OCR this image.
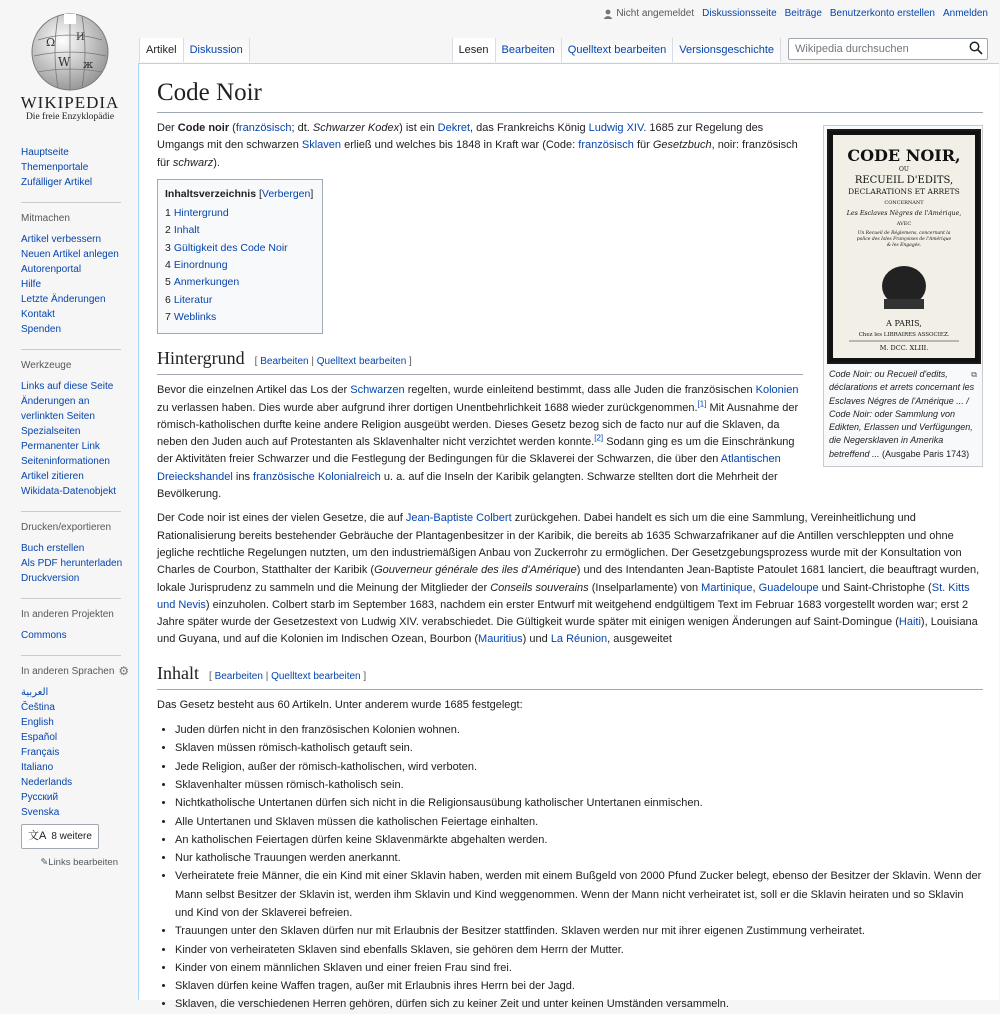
Ω И
W ж
WIKIPEDIA
Die freie Enzyklopädie
Nicht angemeldet Diskussionsseite Beiträge Benutzerkonto erstellen Anmelden
Artikel	Diskussion	Lesen	Bearbeiten	Quelltext bearbeiten	Versionsgeschichte
Wikipedia durchsuchen
Hauptseite
Themenportale
Zufälliger Artikel
Mitmachen
Artikel verbessern
Neuen Artikel anlegen
Autorenportal
Hilfe
Letzte Änderungen
Kontakt
Spenden
Werkzeuge
Links auf diese Seite
Änderungen an verlinkten Seiten
Spezialseiten
Permanenter Link
Seiteninformationen
Artikel zitieren
Wikidata-Datenobjekt
Drucken/exportieren
Buch erstellen
Als PDF herunterladen
Druckversion
In anderen Projekten
Commons
In anderen Sprachen ⚙
العربية
Čeština
English
Español
Français
Italiano
Nederlands
Русский
Svenska
文A 8 weitere
✎Links bearbeiten
Code Noir
CODE NOIR,
OU
RECUEIL D'EDITS,
DECLARATIONS ET ARRETS
CONCERNANT
Les Esclaves Nègres de l'Amérique,
AVEC
Un Recueil de Réglemens, concernant la
police des Isles Françoises de l'Amérique
& les Engagés.
A PARIS,
Chez les LIBRAIRES ASSOCIEZ.
M. DCC. XLIII.
⧉
Code Noir: ou Recueil d'edits, déclarations et arrets concernant les Esclaves Négres de l'Amérique ... / Code Noir: oder Sammlung von Edikten, Erlassen und Verfügungen, die Negersklaven in Amerika betreffend ... (Ausgabe Paris 1743)

Der Code noir (französisch; dt. Schwarzer Kodex) ist ein Dekret, das Frankreichs König Ludwig XIV. 1685 zur Regelung des Umgangs mit den schwarzen Sklaven erließ und welches bis 1848 in Kraft war (Code: französisch für Gesetzbuch, noir: französisch für schwarz).

Inhaltsverzeichnis [Verbergen]
1 Hintergrund
2 Inhalt
3 Gültigkeit des Code Noir
4 Einordnung
5 Anmerkungen
6 Literatur
7 Weblinks
Hintergrund [ Bearbeiten | Quelltext bearbeiten ]

Bevor die einzelnen Artikel das Los der Schwarzen regelten, wurde einleitend bestimmt, dass alle Juden die französischen Kolonien zu verlassen haben. Dies wurde aber aufgrund ihrer dortigen Unentbehrlichkeit 1688 wieder zurückgenommen.[1] Mit Ausnahme der römisch-katholischen durfte keine andere Religion ausgeübt werden. Dieses Gesetz bezog sich de facto nur auf die Sklaven, da neben den Juden auch auf Protestanten als Sklavenhalter nicht verzichtet werden konnte.[2] Sodann ging es um die Einschränkung der Aktivitäten freier Schwarzer und die Festlegung der Bedingungen für die Sklaverei der Schwarzen, die über den Atlantischen Dreieckshandel ins französische Kolonialreich u. a. auf die Inseln der Karibik gelangten. Schwarze stellten dort die Mehrheit der Bevölkerung.

Der Code noir ist eines der vielen Gesetze, die auf Jean-Baptiste Colbert zurückgehen. Dabei handelt es sich um die eine Sammlung, Vereinheitlichung und Rationalisierung bereits bestehender Gebräuche der Plantagenbesitzer in der Karibik, die bereits ab 1635 Schwarzafrikaner auf die Antillen verschleppten und ohne jegliche rechtliche Regelungen nutzten, um den industriemäßigen Anbau von Zuckerrohr zu ermöglichen. Der Gesetzgebungsprozess wurde mit der Konsultation von Charles de Courbon, Statthalter der Karibik (Gouverneur générale des iles d'Amérique) und des Intendanten Jean-Baptiste Patoulet 1681 lanciert, die beauftragt wurden, lokale Jurisprudenz zu sammeln und die Meinung der Mitglieder der Conseils souverains (Inselparlamente) von Martinique, Guadeloupe und Saint-Christophe (St. Kitts und Nevis) einzuholen. Colbert starb im September 1683, nachdem ein erster Entwurf mit weitgehend endgültigem Text im Februar 1683 vorgestellt worden war; erst 2 Jahre später wurde der Gesetzestext von Ludwig XIV. verabschiedet. Die Gültigkeit wurde später mit einigen wenigen Änderungen auf Saint-Domingue (Haiti), Louisiana und Guyana, und auf die Kolonien im Indischen Ozean, Bourbon (Mauritius) und La Réunion, ausgeweitet

Inhalt [ Bearbeiten | Quelltext bearbeiten ]

Das Gesetz besteht aus 60 Artikeln. Unter anderem wurde 1685 festgelegt:

• Juden dürfen nicht in den französischen Kolonien wohnen.
• Sklaven müssen römisch-katholisch getauft sein.
• Jede Religion, außer der römisch-katholischen, wird verboten.
• Sklavenhalter müssen römisch-katholisch sein.
• Nichtkatholische Untertanen dürfen sich nicht in die Religionsausübung katholischer Untertanen einmischen.
• Alle Untertanen und Sklaven müssen die katholischen Feiertage einhalten.
• An katholischen Feiertagen dürfen keine Sklavenmärkte abgehalten werden.
• Nur katholische Trauungen werden anerkannt.
• Verheiratete freie Männer, die ein Kind mit einer Sklavin haben, werden mit einem Bußgeld von 2000 Pfund Zucker belegt, ebenso der Besitzer der Sklavin. Wenn der Mann selbst Besitzer der Sklavin ist, werden ihm Sklavin und Kind weggenommen. Wenn der Mann nicht verheiratet ist, soll er die Sklavin heiraten und so Sklavin und Kind von der Sklaverei befreien.
• Trauungen unter den Sklaven dürfen nur mit Erlaubnis der Besitzer stattfinden. Sklaven werden nur mit ihrer eigenen Zustimmung verheiratet.
• Kinder von verheirateten Sklaven sind ebenfalls Sklaven, sie gehören dem Herrn der Mutter.
• Kinder von einem männlichen Sklaven und einer freien Frau sind frei.
• Sklaven dürfen keine Waffen tragen, außer mit Erlaubnis ihres Herrn bei der Jagd.
• Sklaven, die verschiedenen Herren gehören, dürfen sich zu keiner Zeit und unter keinen Umständen versammeln.
